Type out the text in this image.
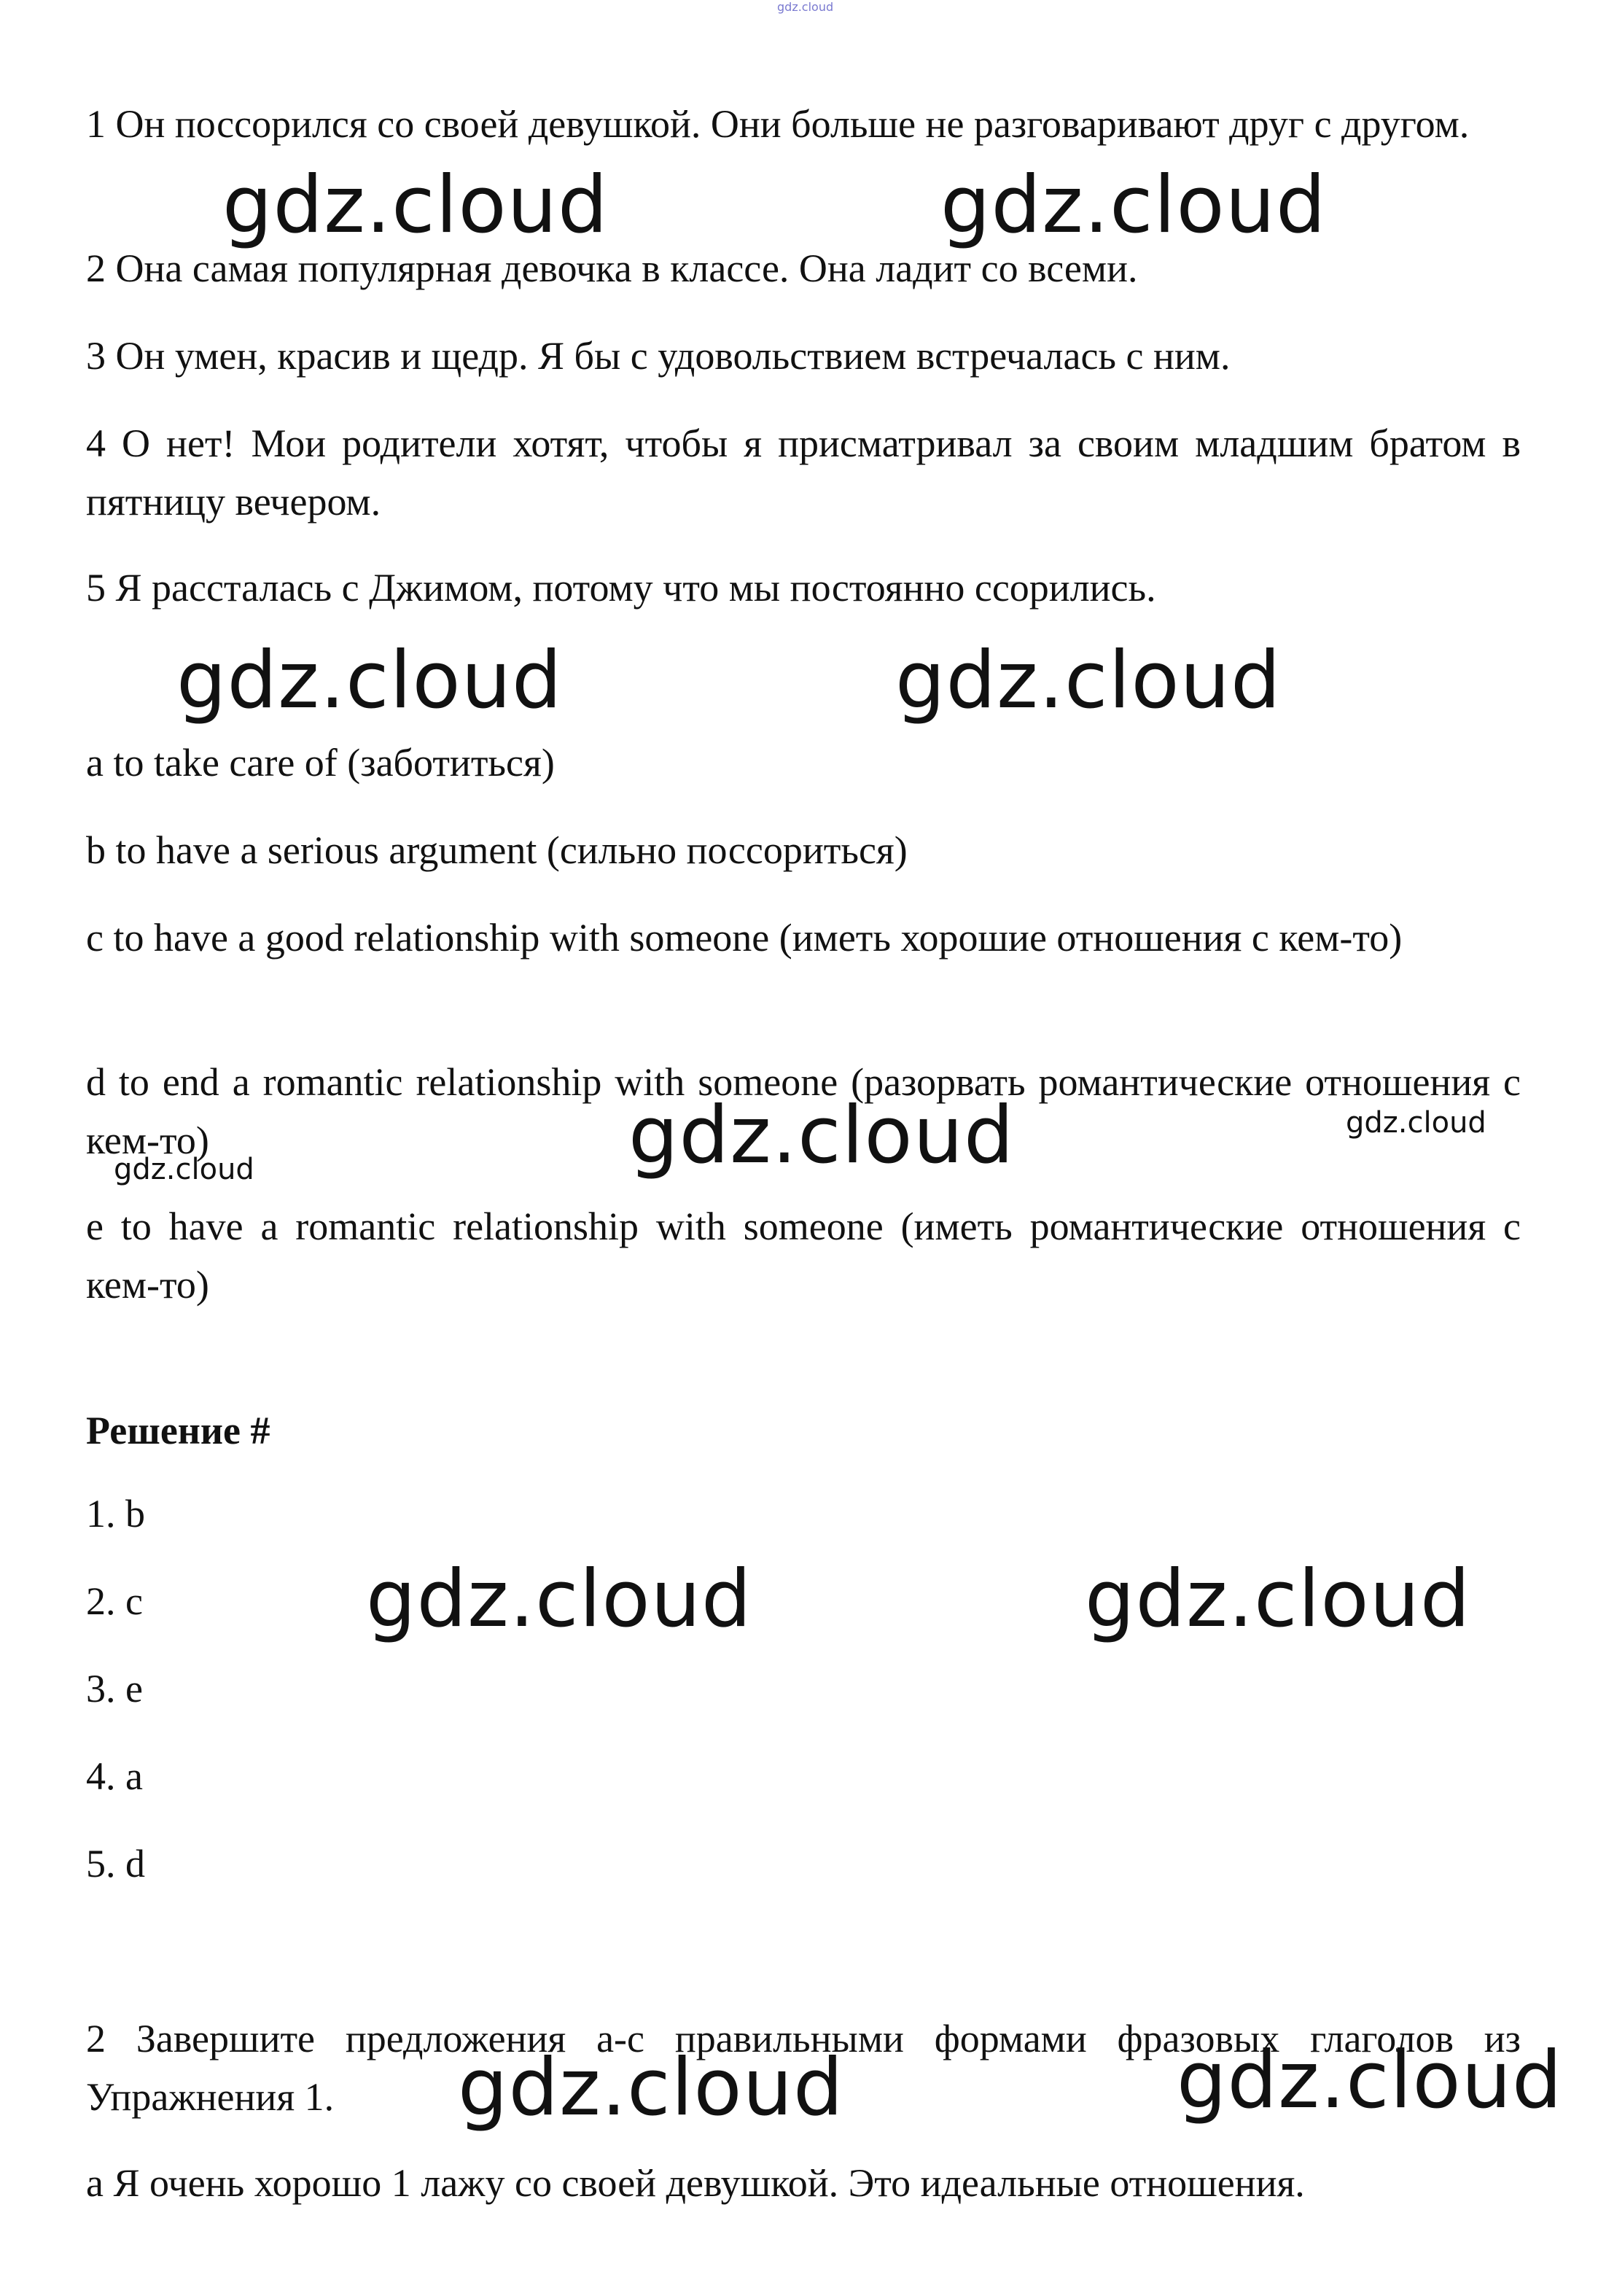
gdz.cloud

1 Он поссорился со своей девушкой. Они больше не разговаривают друг с другом.

2 Она самая популярная девочка в классе. Она ладит со всеми.

3 Он умен, красив и щедр. Я бы с удовольствием встречалась с ним.

4 О нет! Мои родители хотят, чтобы я присматривал за своим младшим братом в пятницу вечером.

5 Я рассталась с Джимом, потому что мы постоянно ссорились.

a to take care of (заботиться)

b to have a serious argument (сильно поссориться)

c to have a good relationship with someone (иметь хорошие отношения с кем-то)

d to end a romantic relationship with someone (разорвать романтические отношения с кем-то)

e to have a romantic relationship with someone (иметь романтические отношения с кем-то)

Решение #

1. b

2. c

3. e

4. a

5. d

2 Завершите предложения a-c правильными формами фразовых глаголов из Упражнения 1.

a Я очень хорошо 1 лажу со своей девушкой. Это идеальные отношения.

gdz.cloud	gdz.cloud
gdz.cloud	gdz.cloud
gdz.cloud	gdz.cloud
gdz.cloud
gdz.cloud	gdz.cloud
gdz.cloud	gdz.cloud
